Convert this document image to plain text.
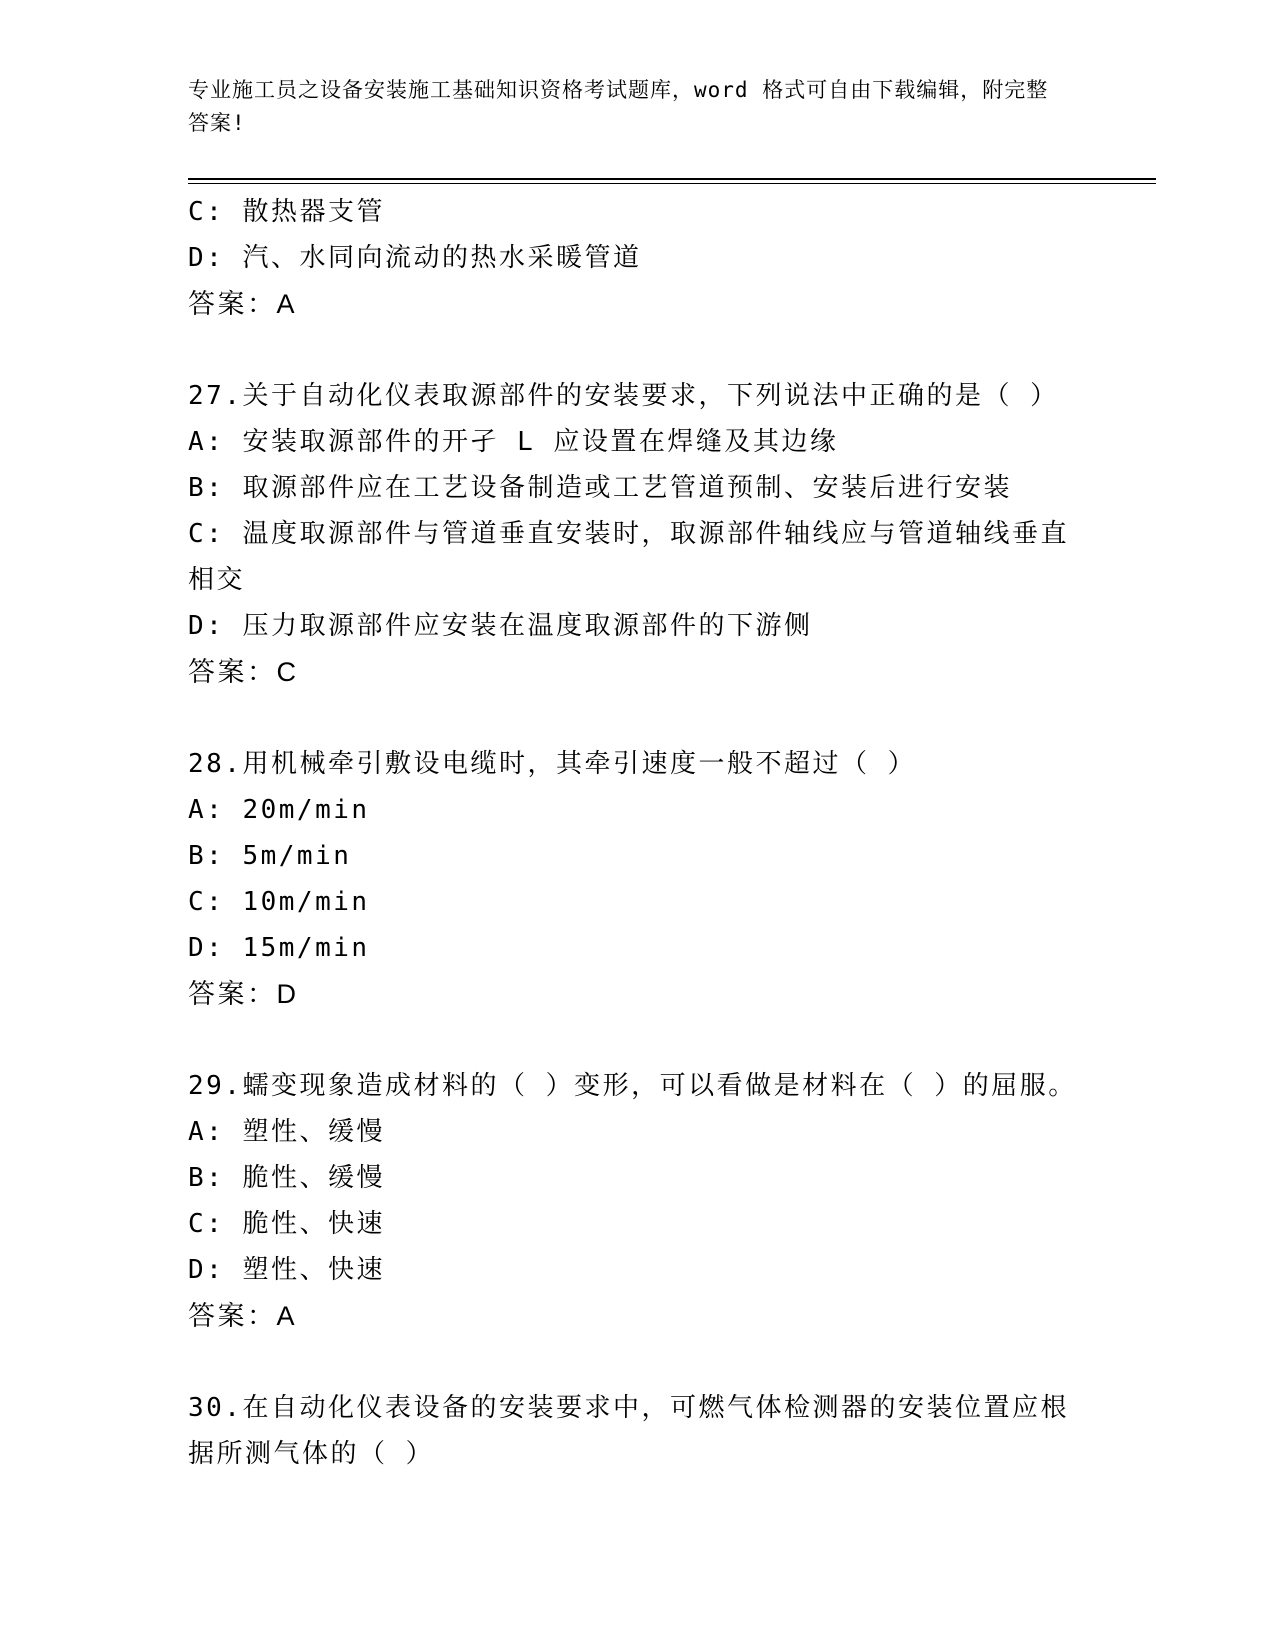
专业施工员之设备安装施工基础知识资格考试题库，word 格式可自由下载编辑，附完整答案!

C: 散热器支管

D: 汽、水同向流动的热水采暖管道

答案：A

27.关于自动化仪表取源部件的安装要求，下列说法中正确的是（ ）

A: 安装取源部件的开孑 L 应设置在焊缝及其边缘

B: 取源部件应在工艺设备制造或工艺管道预制、安装后进行安装

C: 温度取源部件与管道垂直安装时，取源部件轴线应与管道轴线垂直相交

D: 压力取源部件应安装在温度取源部件的下游侧

答案：C

28.用机械牵引敷设电缆时，其牵引速度一般不超过（ ）

A: 20m/min

B: 5m/min

C: 10m/min

D: 15m/min

答案：D

29.蠕变现象造成材料的（ ）变形，可以看做是材料在（ ）的屈服。

A: 塑性、缓慢

B: 脆性、缓慢

C: 脆性、快速

D: 塑性、快速

答案：A

30.在自动化仪表设备的安装要求中，可燃气体检测器的安装位置应根据所测气体的（ ）
